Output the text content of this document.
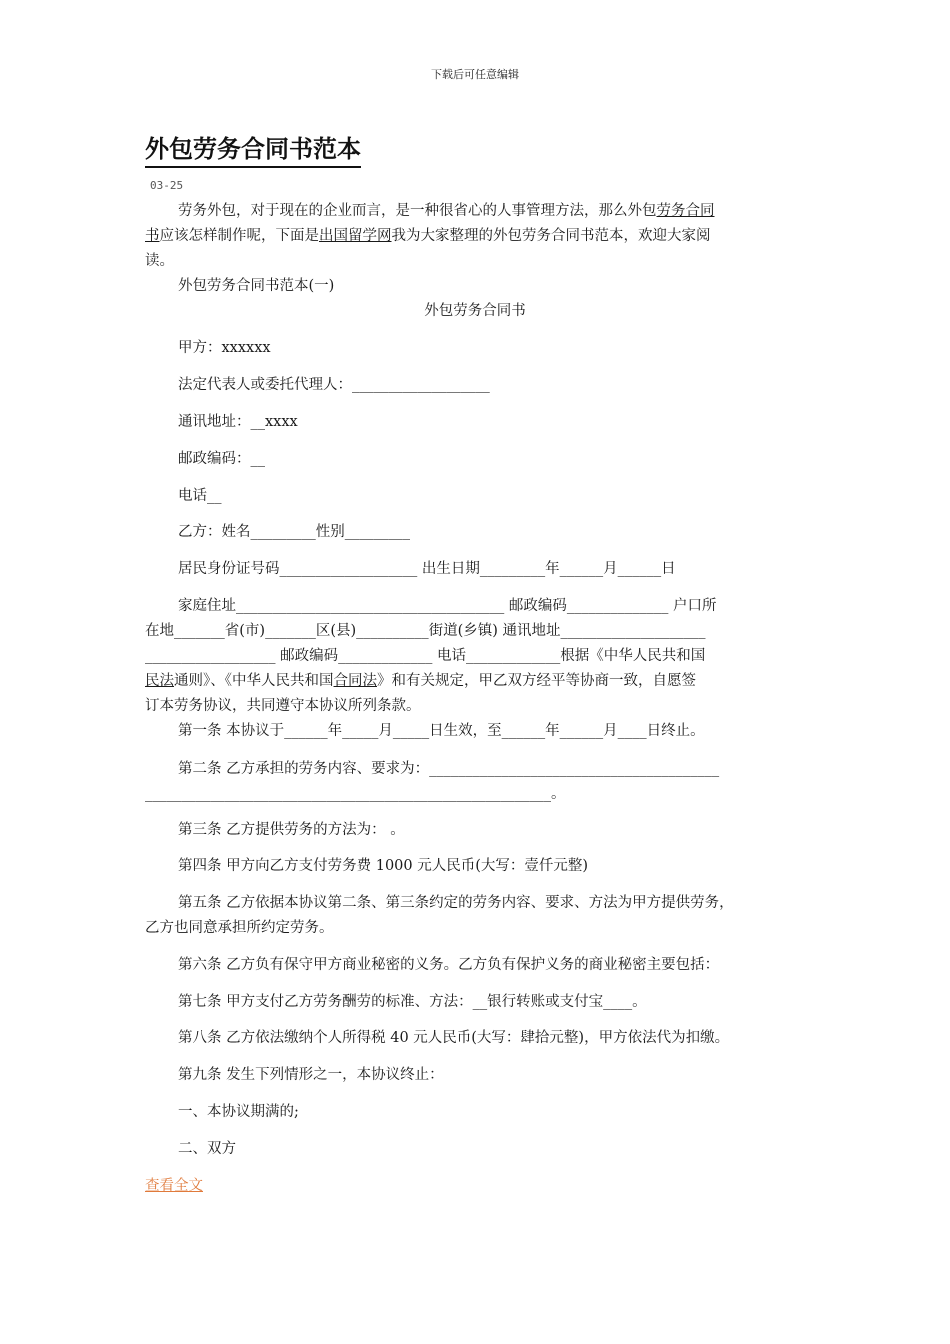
下载后可任意编辑
外包劳务合同书范本
03-25
劳务外包，对于现在的企业而言，是一种很省心的人事管理方法，那么外包劳务合同
书应该怎样制作呢，下面是出国留学网我为大家整理的外包劳务合同书范本，欢迎大家阅
读。
外包劳务合同书范本(一)
外包劳务合同书
甲方：xxxxxx
法定代表人或委托代理人：___________________
通讯地址：__xxxx
邮政编码：__
电话__
乙方：姓名_________性别_________
居民身份证号码___________________ 出生日期_________年______月______日
家庭住址_____________________________________ 邮政编码______________ 户口所
在地_______省(市)_______区(县)__________街道(乡镇) 通讯地址____________________
__________________ 邮政编码_____________ 电话_____________根据《中华人民共和国
民法通则》、《中华人民共和国合同法》和有关规定，甲乙双方经平等协商一致，自愿签
订本劳务协议，共同遵守本协议所列条款。
第一条 本协议于______年_____月_____日生效，至______年______月____日终止。
第二条 乙方承担的劳务内容、要求为：________________________________________
________________________________________________________。
第三条 乙方提供劳务的方法为： 。
第四条 甲方向乙方支付劳务费 1000 元人民币(大写：壹仟元整)
第五条 乙方依据本协议第二条、第三条约定的劳务内容、要求、方法为甲方提供劳务，
乙方也同意承担所约定劳务。
第六条 乙方负有保守甲方商业秘密的义务。乙方负有保护义务的商业秘密主要包括：
第七条 甲方支付乙方劳务酬劳的标准、方法：__银行转账或支付宝____。
第八条 乙方依法缴纳个人所得税 40 元人民币(大写：肆拾元整)，甲方依法代为扣缴。
第九条 发生下列情形之一，本协议终止：
一、本协议期满的;
二、双方
查看全文
